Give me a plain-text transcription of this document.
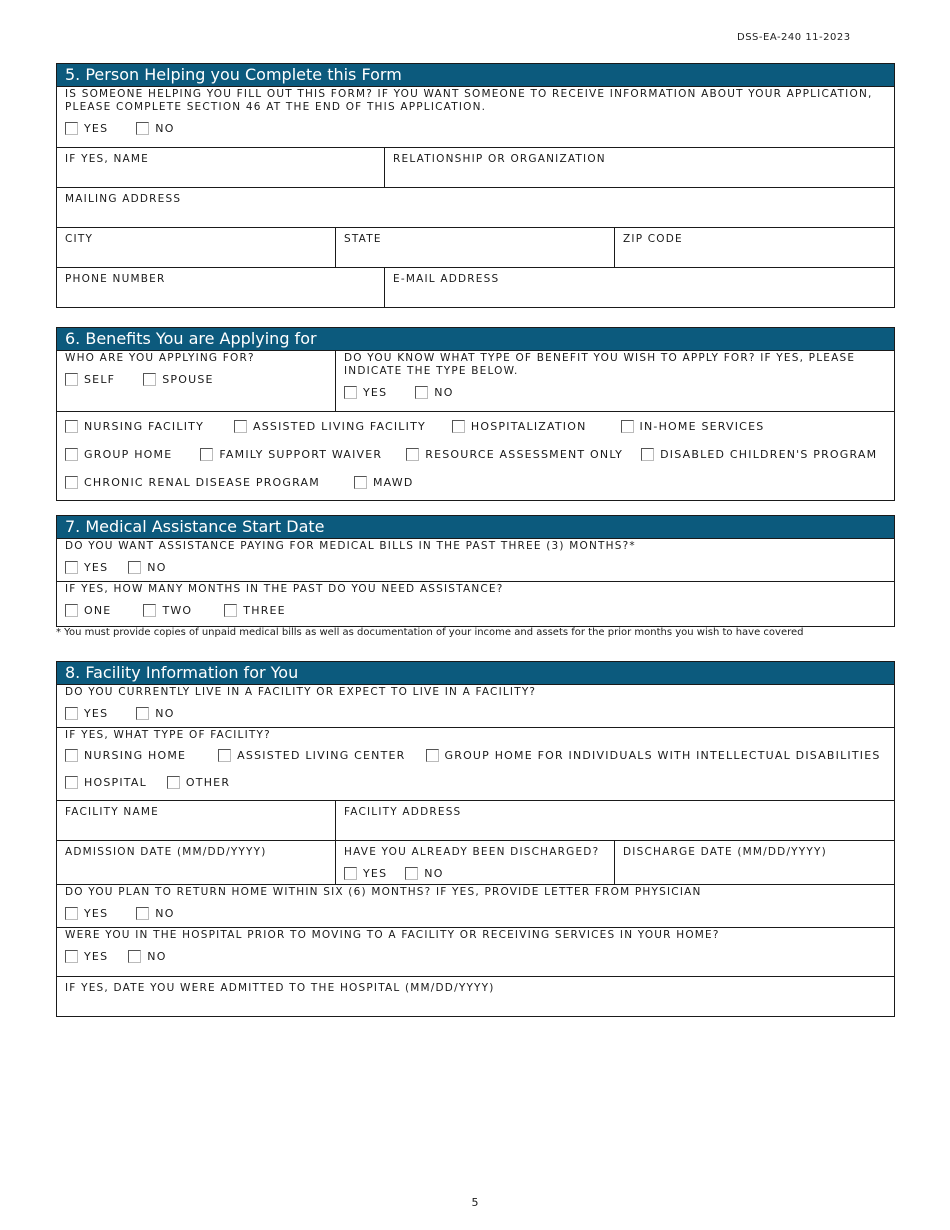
DSS-EA-240 11-2023
5. Person Helping you Complete this Form
IS SOMEONE HELPING YOU FILL OUT THIS FORM? IF YOU WANT SOMEONE TO RECEIVE INFORMATION ABOUT YOUR APPLICATION, PLEASE COMPLETE SECTION 46 AT THE END OF THIS APPLICATION.
YES	NO
IF YES, NAME	RELATIONSHIP OR ORGANIZATION
MAILING ADDRESS
CITY	STATE	ZIP CODE
PHONE NUMBER	E-MAIL ADDRESS
6. Benefits You are Applying for
WHO ARE YOU APPLYING FOR?
SELF	SPOUSE
DO YOU KNOW WHAT TYPE OF BENEFIT YOU WISH TO APPLY FOR? IF YES, PLEASE INDICATE THE TYPE BELOW.
YES	NO
NURSING FACILITY	ASSISTED LIVING FACILITY	HOSPITALIZATION	IN-HOME SERVICES
GROUP HOME	FAMILY SUPPORT WAIVER	RESOURCE ASSESSMENT ONLY	DISABLED CHILDREN'S PROGRAM
CHRONIC RENAL DISEASE PROGRAM	MAWD
7. Medical Assistance Start Date
DO YOU WANT ASSISTANCE PAYING FOR MEDICAL BILLS IN THE PAST THREE (3) MONTHS?*
YES	NO
IF YES, HOW MANY MONTHS IN THE PAST DO YOU NEED ASSISTANCE?
ONE	TWO	THREE
* You must provide copies of unpaid medical bills as well as documentation of your income and assets for the prior months you wish to have covered
8. Facility Information for You
DO YOU CURRENTLY LIVE IN A FACILITY OR EXPECT TO LIVE IN A FACILITY?
YES	NO
IF YES, WHAT TYPE OF FACILITY?
NURSING HOME	ASSISTED LIVING CENTER	GROUP HOME FOR INDIVIDUALS WITH INTELLECTUAL DISABILITIES
HOSPITAL	OTHER
FACILITY NAME	FACILITY ADDRESS
ADMISSION DATE (MM/DD/YYYY)	HAVE YOU ALREADY BEEN DISCHARGED?
YES	NO
DISCHARGE DATE (MM/DD/YYYY)
DO YOU PLAN TO RETURN HOME WITHIN SIX (6) MONTHS? IF YES, PROVIDE LETTER FROM PHYSICIAN
YES	NO
WERE YOU IN THE HOSPITAL PRIOR TO MOVING TO A FACILITY OR RECEIVING SERVICES IN YOUR HOME?
YES	NO
IF YES, DATE YOU WERE ADMITTED TO THE HOSPITAL (MM/DD/YYYY)
5
